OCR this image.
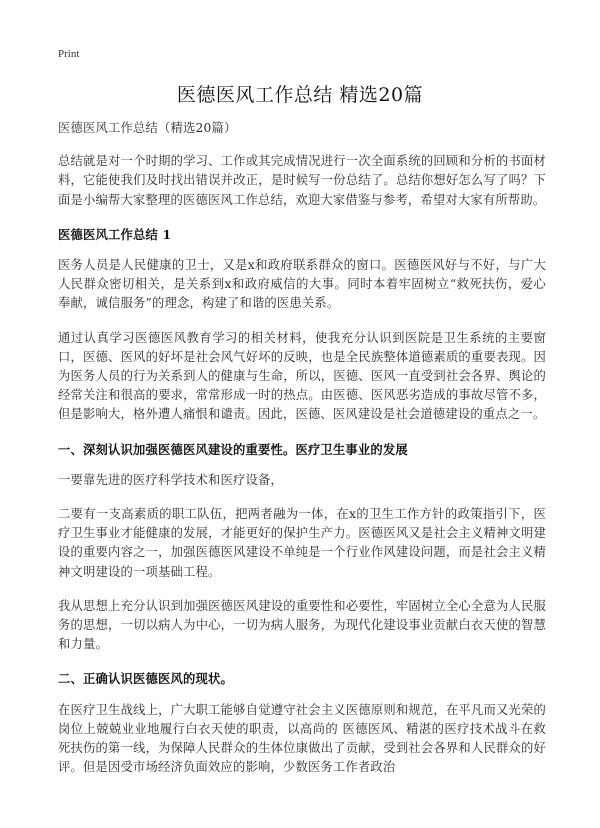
Print
医德医风工作总结 精选20篇

医德医风工作总结（精选20篇）

总结就是对一个时期的学习、工作或其完成情况进行一次全面系统的回顾和分析的书面材料，它能使我们及时找出错误并改正，是时候写一份总结了。总结你想好怎么写了吗？下面是小编帮大家整理的医德医风工作总结，欢迎大家借鉴与参考，希望对大家有所帮助。

医德医风工作总结 1

医务人员是人民健康的卫士，又是x和政府联系群众的窗口。医德医风好与不好，与广大人民群众密切相关，是关系到x和政府威信的大事。同时本着牢固树立“救死扶伤，爱心奉献，诚信服务”的理念，构建了和谐的医患关系。

通过认真学习医德医风教育学习的相关材料，使我充分认识到医院是卫生系统的主要窗口，医德、医风的好坏是社会风气好坏的反映，也是全民族整体道德素质的重要表现。因为医务人员的行为关系到人的健康与生命，所以，医德、医风一直受到社会各界、舆论的经常关注和很高的要求，常常形成一时的热点。由医德、医风恶劣造成的事故尽管不多，但是影响大，格外遭人痛恨和谴责。因此，医德、医风建设是社会道德建设的重点之一。

一、深刻认识加强医德医风建设的重要性。医疗卫生事业的发展

一要靠先进的医疗科学技术和医疗设备，

二要有一支高素质的职工队伍，把两者融为一体，在x的卫生工作方针的政策指引下，医疗卫生事业才能健康的发展，才能更好的保护生产力。医德医风又是社会主义精神文明建设的重要内容之一，加强医德医风建设不单纯是一个行业作风建设问题，而是社会主义精神文明建设的一项基础工程。

我从思想上充分认识到加强医德医风建设的重要性和必要性，牢固树立全心全意为人民服务的思想，一切以病人为中心，一切为病人服务，为现代化建设事业贡献白衣天使的智慧和力量。

二、正确认识医德医风的现状。

在医疗卫生战线上，广大职工能够自觉遵守社会主义医德原则和规范，在平凡而又光荣的岗位上兢兢业业地履行白衣天使的职责，以高尚的 医德医风、精湛的医疗技术战斗在救死扶伤的第一线，为保障人民群众的生体位康做出了贡献，受到社会各界和人民群众的好评。但是因受市场经济负面效应的影响，少数医务工作者政治
